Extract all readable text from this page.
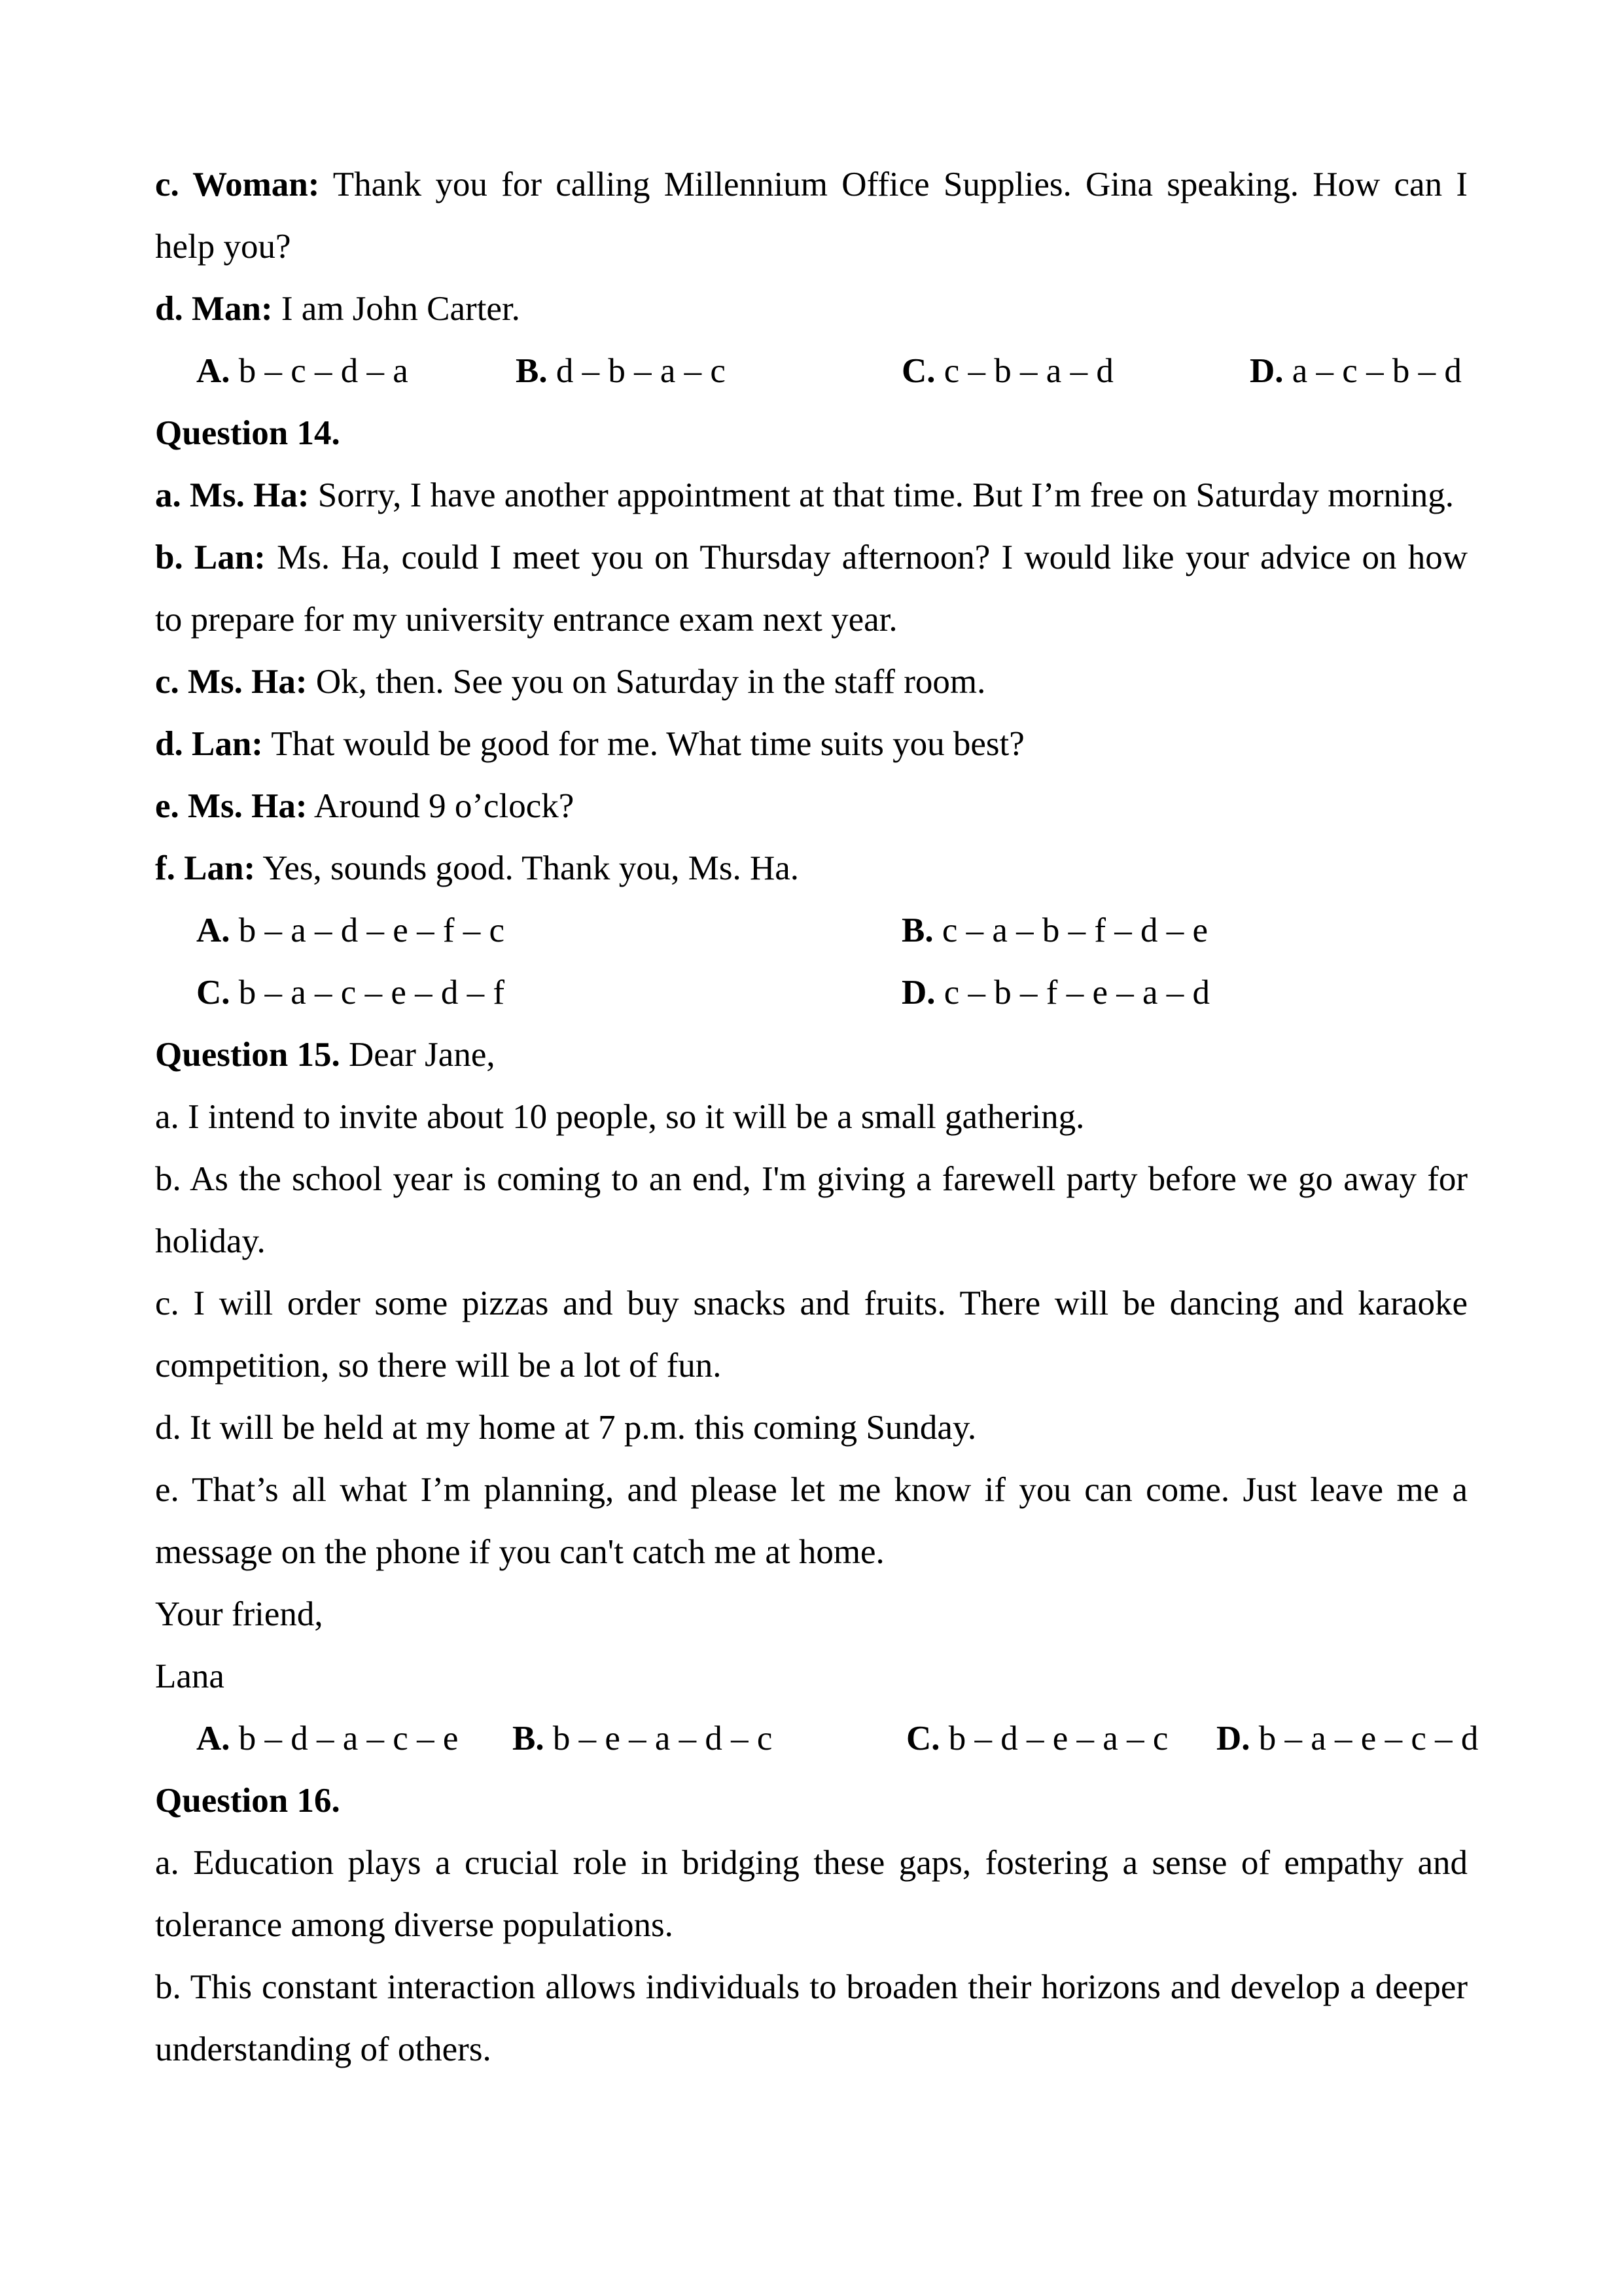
c. Woman: Thank you for calling Millennium Office Supplies. Gina speaking. How can I
help you?
d. Man: I am John Carter.
A. b – c – d – a	B. d – b – a – c	C. c – b – a – d	D. a – c – b – d
Question 14.
a. Ms. Ha: Sorry, I have another appointment at that time. But I’m free on Saturday morning.
b. Lan: Ms. Ha, could I meet you on Thursday afternoon? I would like your advice on how
to prepare for my university entrance exam next year.
c. Ms. Ha: Ok, then. See you on Saturday in the staff room.
d. Lan: That would be good for me. What time suits you best?
e. Ms. Ha: Around 9 o’clock?
f. Lan: Yes, sounds good. Thank you, Ms. Ha.
A. b – a – d – e – f – c	B. c – a – b – f – d – e
C. b – a – c – e – d – f	D. c – b – f – e – a – d
Question 15. Dear Jane,
a. I intend to invite about 10 people, so it will be a small gathering.
b. As the school year is coming to an end, I'm giving a farewell party before we go away for
holiday.
c. I will order some pizzas and buy snacks and fruits. There will be dancing and karaoke
competition, so there will be a lot of fun.
d. It will be held at my home at 7 p.m. this coming Sunday.
e. That’s all what I’m planning, and please let me know if you can come. Just leave me a
message on the phone if you can't catch me at home.
Your friend,
Lana
A. b – d – a – c – e B. b – e – a – d – c	C. b – d – e – a – c D. b – a – e – c – d
Question 16.
a. Education plays a crucial role in bridging these gaps, fostering a sense of empathy and
tolerance among diverse populations.
b. This constant interaction allows individuals to broaden their horizons and develop a deeper
understanding of others.
